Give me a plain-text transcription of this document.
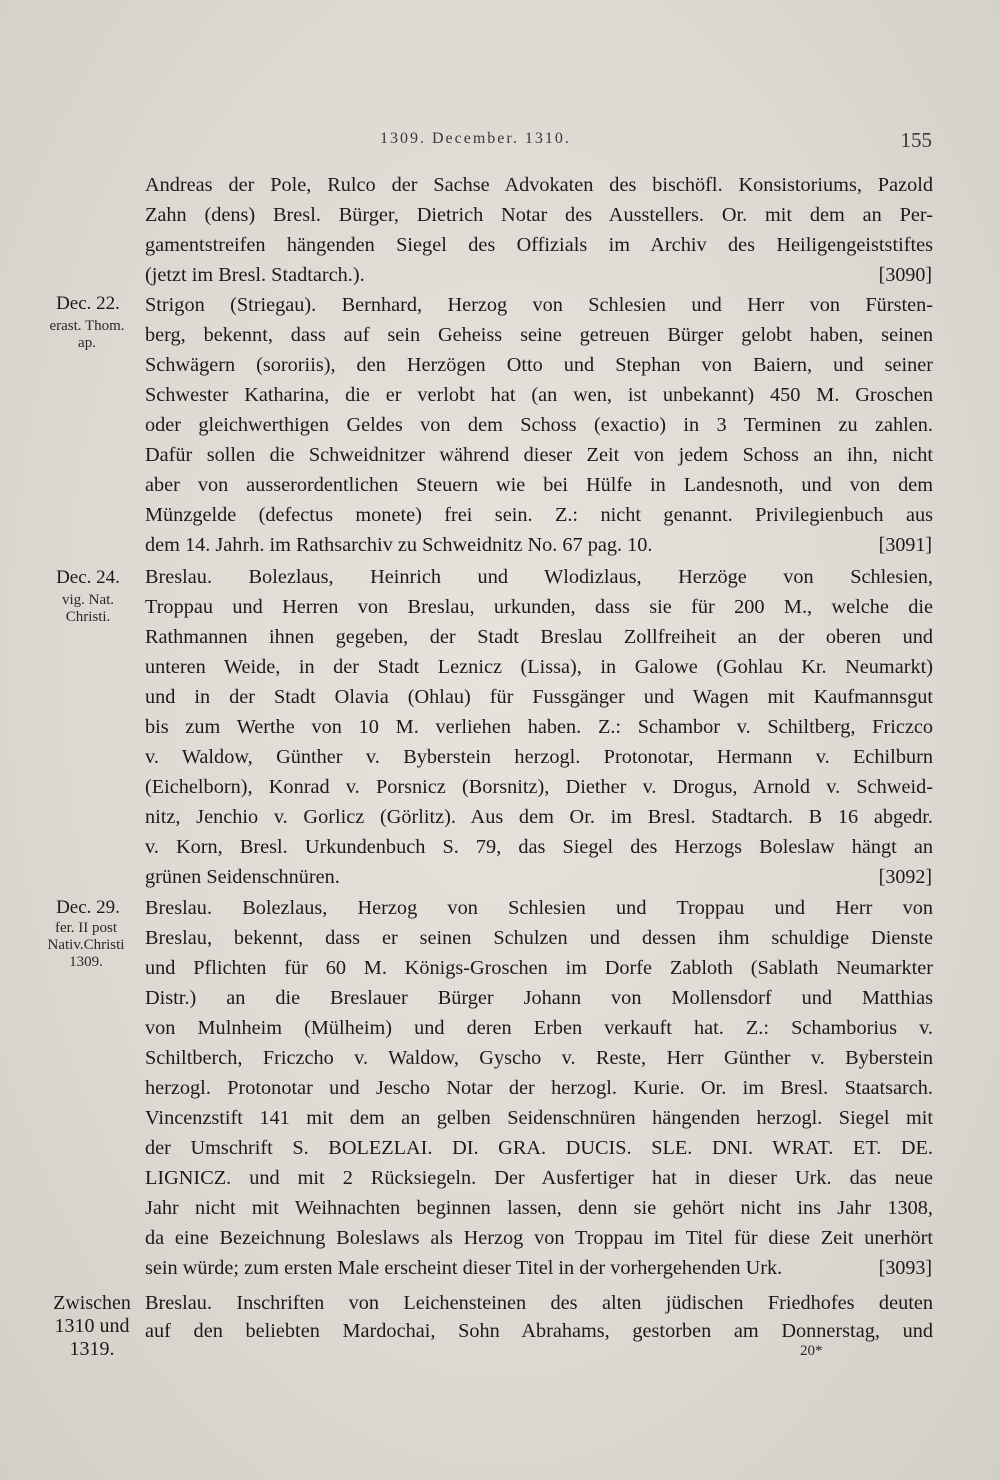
1309. December. 1310.	155
Dec. 22.
erast. Thom. ap.
Dec. 24.
vig. Nat. Christi.
Dec. 29.
fer. II post Nativ.Christi 1309.
Zwischen 1310 und 1319.
Andreas der Pole, Rulco der Sachse Advokaten des bischöfl. Konsistoriums, Pazold
Zahn (dens) Bresl. Bürger, Dietrich Notar des Ausstellers. Or. mit dem an Per-
gamentstreifen hängenden Siegel des Offizials im Archiv des Heiligengeiststiftes
(jetzt im Bresl. Stadtarch.).	[3090]
Strigon (Striegau). Bernhard, Herzog von Schlesien und Herr von Fürsten-
berg, bekennt, dass auf sein Geheiss seine getreuen Bürger gelobt haben, seinen
Schwägern (sororiis), den Herzögen Otto und Stephan von Baiern, und seiner
Schwester Katharina, die er verlobt hat (an wen, ist unbekannt) 450 M. Groschen
oder gleichwerthigen Geldes von dem Schoss (exactio) in 3 Terminen zu zahlen.
Dafür sollen die Schweidnitzer während dieser Zeit von jedem Schoss an ihn, nicht
aber von ausserordentlichen Steuern wie bei Hülfe in Landesnoth, und von dem
Münzgelde (defectus monete) frei sein. Z.: nicht genannt. Privilegienbuch aus
dem 14. Jahrh. im Rathsarchiv zu Schweidnitz No. 67 pag. 10.	[3091]
Breslau. Bolezlaus, Heinrich und Wlodizlaus, Herzöge von Schlesien,
Troppau und Herren von Breslau, urkunden, dass sie für 200 M., welche die
Rathmannen ihnen gegeben, der Stadt Breslau Zollfreiheit an der oberen und
unteren Weide, in der Stadt Leznicz (Lissa), in Galowe (Gohlau Kr. Neumarkt)
und in der Stadt Olavia (Ohlau) für Fussgänger und Wagen mit Kaufmannsgut
bis zum Werthe von 10 M. verliehen haben. Z.: Schambor v. Schiltberg, Friczco
v. Waldow, Günther v. Byberstein herzogl. Protonotar, Hermann v. Echilburn
(Eichelborn), Konrad v. Porsnicz (Borsnitz), Diether v. Drogus, Arnold v. Schweid-
nitz, Jenchio v. Gorlicz (Görlitz). Aus dem Or. im Bresl. Stadtarch. B 16 abgedr.
v. Korn, Bresl. Urkundenbuch S. 79, das Siegel des Herzogs Boleslaw hängt an
grünen Seidenschnüren.	[3092]
Breslau. Bolezlaus, Herzog von Schlesien und Troppau und Herr von
Breslau, bekennt, dass er seinen Schulzen und dessen ihm schuldige Dienste
und Pflichten für 60 M. Königs-Groschen im Dorfe Zabloth (Sablath Neumarkter
Distr.) an die Breslauer Bürger Johann von Mollensdorf und Matthias
von Mulnheim (Mülheim) und deren Erben verkauft hat. Z.: Schamborius v.
Schiltberch, Friczcho v. Waldow, Gyscho v. Reste, Herr Günther v. Byberstein
herzogl. Protonotar und Jescho Notar der herzogl. Kurie. Or. im Bresl. Staatsarch.
Vincenzstift 141 mit dem an gelben Seidenschnüren hängenden herzogl. Siegel mit
der Umschrift S. BOLEZLAI. DI. GRA. DUCIS. SLE. DNI. WRAT. ET. DE.
LIGNICZ. und mit 2 Rücksiegeln. Der Ausfertiger hat in dieser Urk. das neue
Jahr nicht mit Weihnachten beginnen lassen, denn sie gehört nicht ins Jahr 1308,
da eine Bezeichnung Boleslaws als Herzog von Troppau im Titel für diese Zeit unerhört
sein würde; zum ersten Male erscheint dieser Titel in der vorhergehenden Urk.	[3093]
Breslau. Inschriften von Leichensteinen des alten jüdischen Friedhofes deuten
auf den beliebten Mardochai, Sohn Abrahams, gestorben am Donnerstag, und
20*
